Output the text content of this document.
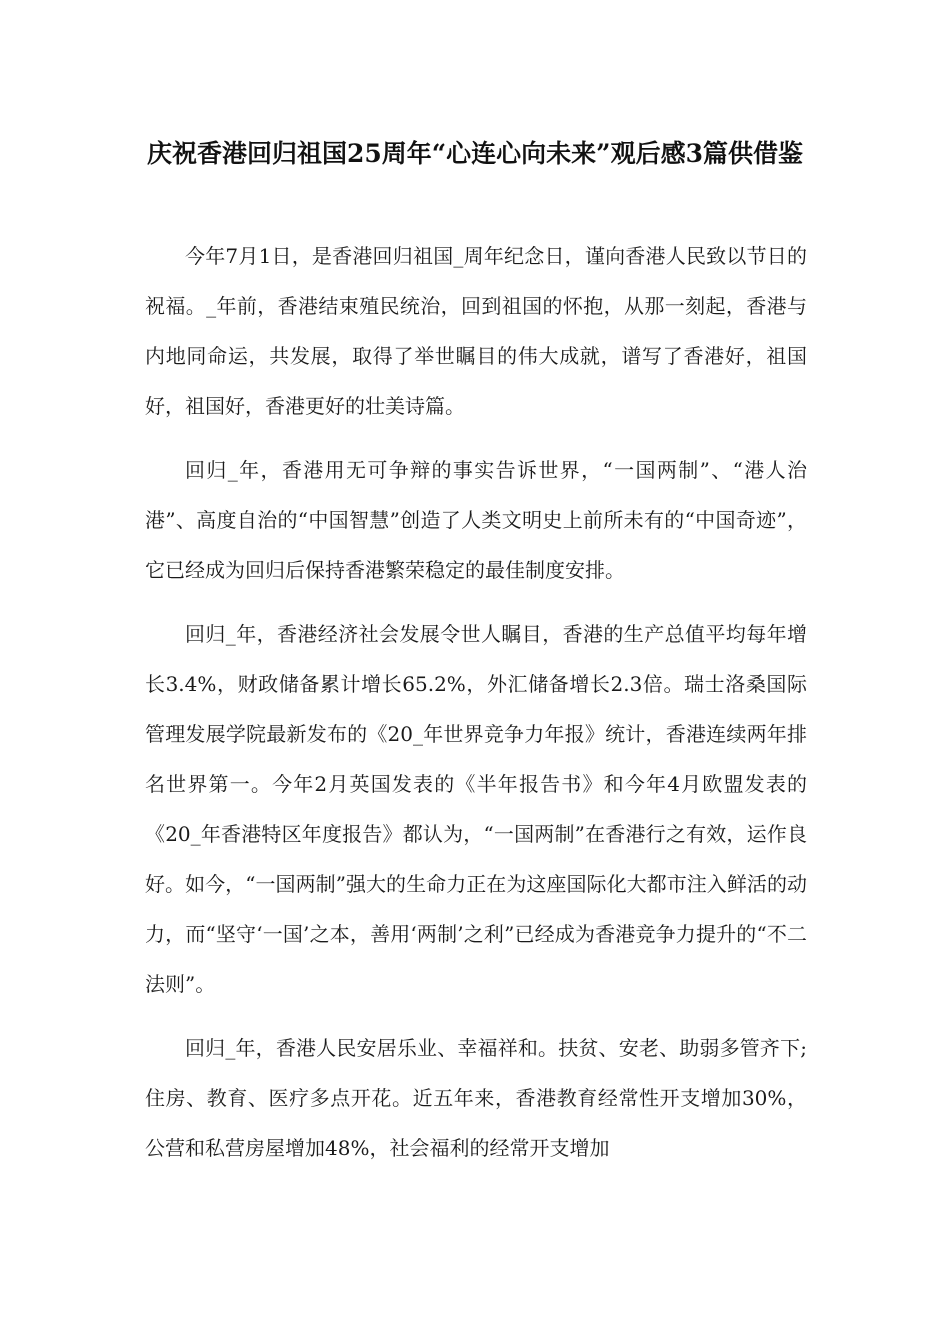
庆祝香港回归祖国25周年“心连心向未来”观后感3篇供借鉴

今年7月1日，是香港回归祖国_周年纪念日，谨向香港人民致以节日的祝福。_年前，香港结束殖民统治，回到祖国的怀抱，从那一刻起，香港与内地同命运，共发展，取得了举世瞩目的伟大成就，谱写了香港好，祖国好，祖国好，香港更好的壮美诗篇。

回归_年，香港用无可争辩的事实告诉世界，“一国两制”、“港人治港”、高度自治的“中国智慧”创造了人类文明史上前所未有的“中国奇迹”，它已经成为回归后保持香港繁荣稳定的最佳制度安排。

回归_年，香港经济社会发展令世人瞩目，香港的生产总值平均每年增长3.4%，财政储备累计增长65.2%，外汇储备增长2.3倍。瑞士洛桑国际管理发展学院最新发布的《20_年世界竞争力年报》统计，香港连续两年排名世界第一。今年2月英国发表的《半年报告书》和今年4月欧盟发表的《20_年香港特区年度报告》都认为，“一国两制”在香港行之有效，运作良好。如今，“一国两制”强大的生命力正在为这座国际化大都市注入鲜活的动力，而“坚守‘一国’之本，善用‘两制’之利”已经成为香港竞争力提升的“不二法则”。

回归_年，香港人民安居乐业、幸福祥和。扶贫、安老、助弱多管齐下;住房、教育、医疗多点开花。近五年来，香港教育经常性开支增加30%，公营和私营房屋增加48%，社会福利的经常开支增加
